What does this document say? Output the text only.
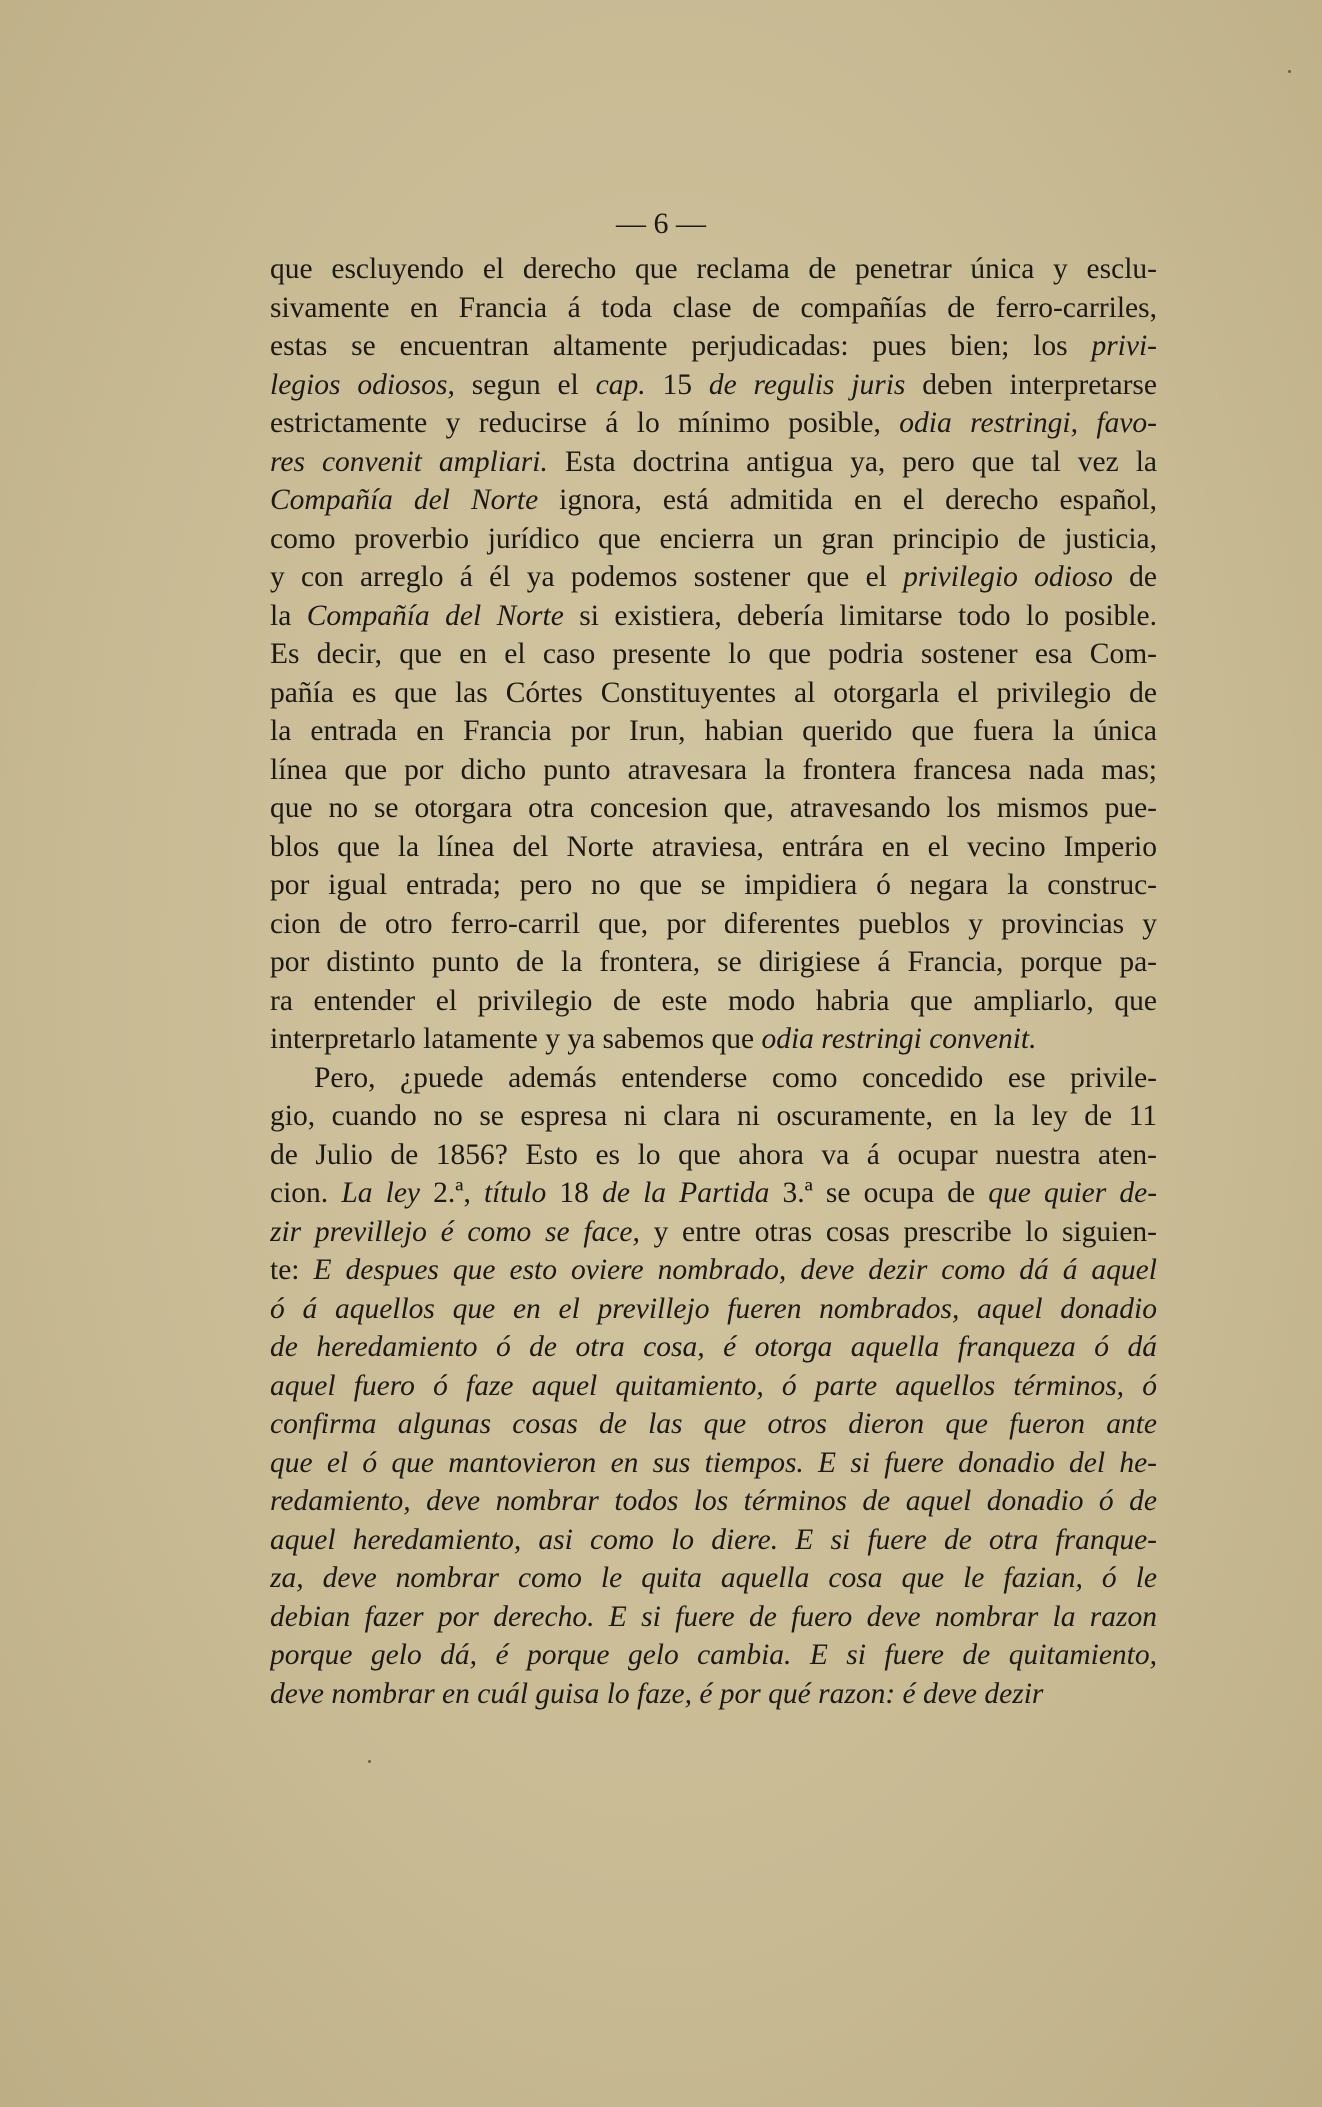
— 6 —
que escluyendo el derecho que reclama de penetrar única y esclu-
sivamente en Francia á toda clase de compañías de ferro-carriles,
estas se encuentran altamente perjudicadas: pues bien; los privi-
legios odiosos, segun el cap. 15 de regulis juris deben interpretarse
estrictamente y reducirse á lo mínimo posible, odia restringi, favo-
res convenit ampliari. Esta doctrina antigua ya, pero que tal vez la
Compañía del Norte ignora, está admitida en el derecho español,
como proverbio jurídico que encierra un gran principio de justicia,
y con arreglo á él ya podemos sostener que el privilegio odioso de
la Compañía del Norte si existiera, debería limitarse todo lo posible.
Es decir, que en el caso presente lo que podria sostener esa Com-
pañía es que las Córtes Constituyentes al otorgarla el privilegio de
la entrada en Francia por Irun, habian querido que fuera la única
línea que por dicho punto atravesara la frontera francesa nada mas;
que no se otorgara otra concesion que, atravesando los mismos pue-
blos que la línea del Norte atraviesa, entrára en el vecino Imperio
por igual entrada; pero no que se impidiera ó negara la construc-
cion de otro ferro-carril que, por diferentes pueblos y provincias y
por distinto punto de la frontera, se dirigiese á Francia, porque pa-
ra entender el privilegio de este modo habria que ampliarlo, que
interpretarlo latamente y ya sabemos que odia restringi convenit.
Pero, ¿puede además entenderse como concedido ese privile-
gio, cuando no se espresa ni clara ni oscuramente, en la ley de 11
de Julio de 1856? Esto es lo que ahora va á ocupar nuestra aten-
cion. La ley 2.ª, título 18 de la Partida 3.ª se ocupa de que quier de-
zir previllejo é como se face, y entre otras cosas prescribe lo siguien-
te: E despues que esto oviere nombrado, deve dezir como dá á aquel
ó á aquellos que en el previllejo fueren nombrados, aquel donadio
de heredamiento ó de otra cosa, é otorga aquella franqueza ó dá
aquel fuero ó faze aquel quitamiento, ó parte aquellos términos, ó
confirma algunas cosas de las que otros dieron que fueron ante
que el ó que mantovieron en sus tiempos. E si fuere donadio del he-
redamiento, deve nombrar todos los términos de aquel donadio ó de
aquel heredamiento, asi como lo diere. E si fuere de otra franque-
za, deve nombrar como le quita aquella cosa que le fazian, ó le
debian fazer por derecho. E si fuere de fuero deve nombrar la razon
porque gelo dá, é porque gelo cambia. E si fuere de quitamiento,
deve nombrar en cuál guisa lo faze, é por qué razon: é deve dezir
